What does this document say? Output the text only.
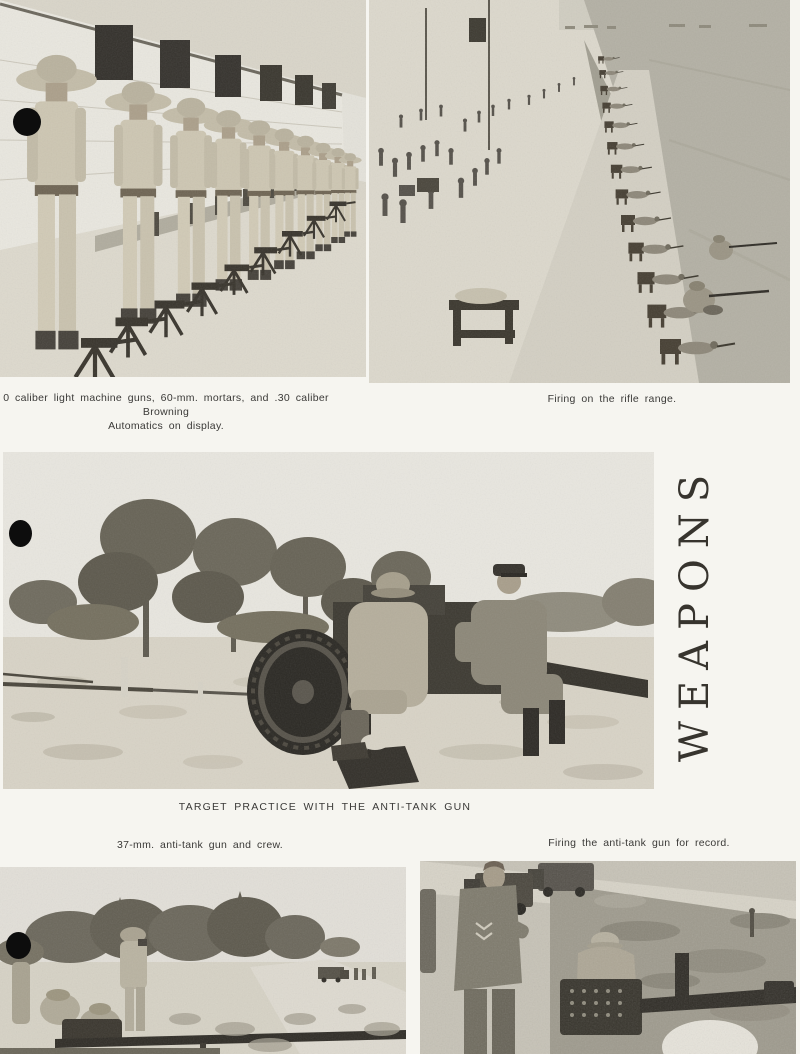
0 caliber light machine guns, 60-mm. mortars, and .30 caliber Browning
Automatics on display.
Firing on the rifle range.
WEAPONS
TARGET PRACTICE WITH THE ANTI-TANK GUN
37-mm. anti-tank gun and crew.	Firing the anti-tank gun for record.
